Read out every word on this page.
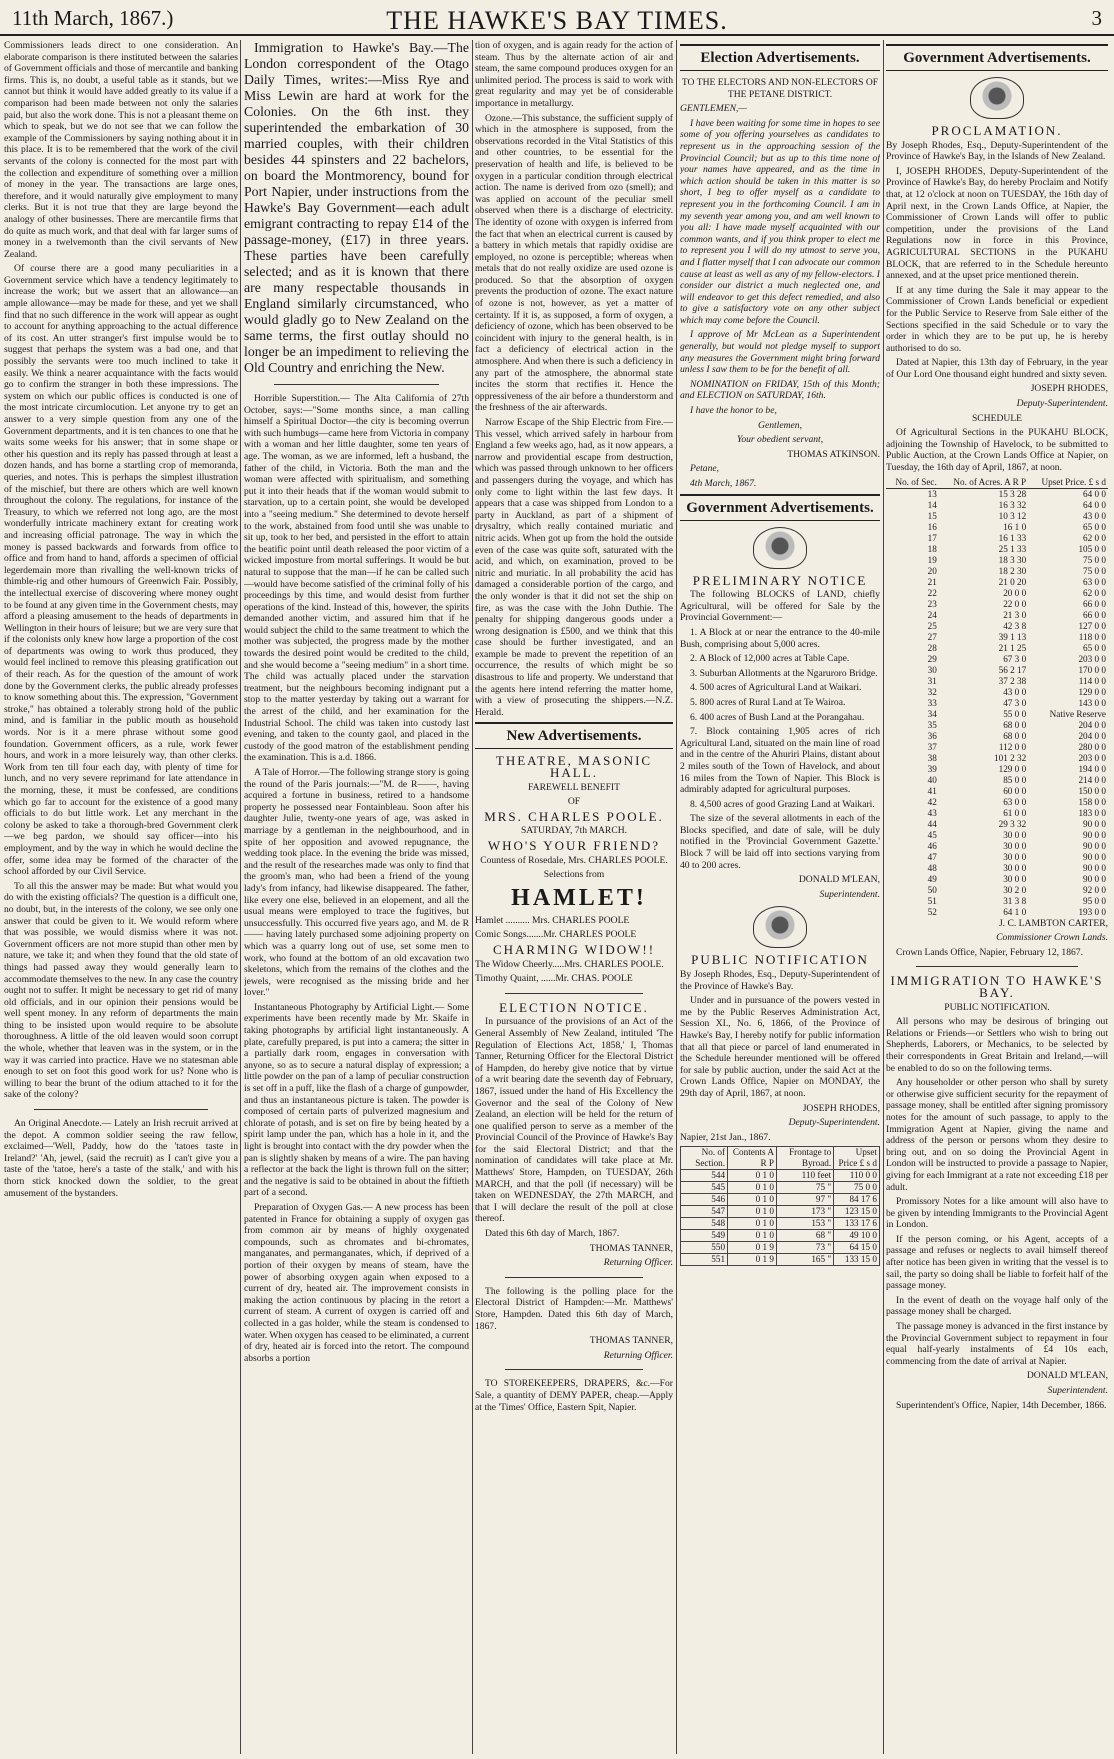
11th March, 1867.)	THE HAWKE'S BAY TIMES.	3

Commissioners leads direct to one consideration. An elaborate comparison is there instituted between the salaries of Government officials and those of mercantile and banking firms. This is, no doubt, a useful table as it stands, but we cannot but think it would have added greatly to its value if a comparison had been made between not only the salaries paid, but also the work done. This is not a pleasant theme on which to speak, but we do not see that we can follow the example of the Commissioners by saying nothing about it in this place. It is to be remembered that the work of the civil servants of the colony is connected for the most part with the collection and expenditure of something over a million of money in the year. The transactions are large ones, therefore, and it would naturally give employment to many clerks. But it is not true that they are large beyond the analogy of other businesses. There are mercantile firms that do quite as much work, and that deal with far larger sums of money in a twelvemonth than the civil servants of New Zealand.

Of course there are a good many peculiarities in a Government service which have a tendency legitimately to increase the work; but we assert that an allowance—an ample allowance—may be made for these, and yet we shall find that no such difference in the work will appear as ought to account for anything approaching to the actual difference of its cost. An utter stranger's first impulse would be to suggest that perhaps the system was a bad one, and that possibly the servants were too much inclined to take it easily. We think a nearer acquaintance with the facts would go to confirm the stranger in both these impressions. The system on which our public offices is conducted is one of the most intricate circumlocution. Let anyone try to get an answer to a very simple question from any one of the Government departments, and it is ten chances to one that he waits some weeks for his answer; that in some shape or other his question and its reply has passed through at least a dozen hands, and has borne a startling crop of memoranda, queries, and notes. This is perhaps the simplest illustration of the mischief, but there are others which are well known throughout the colony. The regulations, for instance of the Treasury, to which we referred not long ago, are the most wonderfully intricate machinery extant for creating work and increasing official patronage. The way in which the money is passed backwards and forwards from office to office and from hand to hand, affords a specimen of official legerdemain more than rivalling the well-known tricks of thimble-rig and other humours of Greenwich Fair. Possibly, the intellectual exercise of discovering where money ought to be found at any given time in the Government chests, may afford a pleasing amusement to the heads of departments in Wellington in their hours of leisure; but we are very sure that if the colonists only knew how large a proportion of the cost of departments was owing to work thus produced, they would feel inclined to remove this pleasing gratification out of their reach. As for the question of the amount of work done by the Government clerks, the public already professes to know something about this. The expression, "Government stroke," has obtained a tolerably strong hold of the public mind, and is familiar in the public mouth as household words. Nor is it a mere phrase without some good foundation. Government officers, as a rule, work fewer hours, and work in a more leisurely way, than other clerks. Work from ten till four each day, with plenty of time for lunch, and no very severe reprimand for late attendance in the morning, these, it must be confessed, are conditions which go far to account for the existence of a good many officials to do but little work. Let any merchant in the colony be asked to take a thorough-bred Government clerk—we beg pardon, we should say officer—into his employment, and by the way in which he would decline the offer, some idea may be formed of the character of the school afforded by our Civil Service.

To all this the answer may be made: But what would you do with the existing officials? The question is a difficult one, no doubt, but, in the interests of the colony, we see only one answer that could be given to it. We would reform where that was possible, we would dismiss where it was not. Government officers are not more stupid than other men by nature, we take it; and when they found that the old state of things had passed away they would generally learn to accommodate themselves to the new. In any case the country ought not to suffer. It might be necessary to get rid of many old officials, and in our opinion their pensions would be well spent money. In any reform of departments the main thing to be insisted upon would require to be absolute thoroughness. A little of the old leaven would soon corrupt the whole, whether that leaven was in the system, or in the way it was carried into practice. Have we no statesman able enough to set on foot this good work for us? None who is willing to bear the brunt of the odium attached to it for the sake of the colony?

An Original Anecdote.— Lately an Irish recruit arrived at the depot. A common soldier seeing the raw fellow, exclaimed—'Well, Paddy, how do the 'tatoes taste in Ireland?' 'Ah, jewel, (said the recruit) as I can't give you a taste of the 'tatoe, here's a taste of the stalk,' and with his thorn stick knocked down the soldier, to the great amusement of the bystanders.

Immigration to Hawke's Bay.—The London correspondent of the Otago Daily Times, writes:—Miss Rye and Miss Lewin are hard at work for the Colonies. On the 6th inst. they superintended the embarkation of 30 married couples, with their children besides 44 spinsters and 22 bachelors, on board the Montmorency, bound for Port Napier, under instructions from the Hawke's Bay Government—each adult emigrant contracting to repay £14 of the passage-money, (£17) in three years. These parties have been carefully selected; and as it is known that there are many respectable thousands in England similarly circumstanced, who would gladly go to New Zealand on the same terms, the first outlay should no longer be an impediment to relieving the Old Country and enriching the New.

Horrible Superstition.— The Alta California of 27th October, says:—"Some months since, a man calling himself a Spiritual Doctor—the city is becoming overrun with such humbugs—came here from Victoria in company with a woman and her little daughter, some ten years of age. The woman, as we are informed, left a husband, the father of the child, in Victoria. Both the man and the woman were affected with spiritualism, and something put it into their heads that if the woman would submit to starvation, up to a certain point, she would be developed into a "seeing medium." She determined to devote herself to the work, abstained from food until she was unable to sit up, took to her bed, and persisted in the effort to attain the beatific point until death released the poor victim of a wicked imposture from mortal sufferings. It would be but natural to suppose that the man—if he can be called such—would have become satisfied of the criminal folly of his proceedings by this time, and would desist from further operations of the kind. Instead of this, however, the spirits demanded another victim, and assured him that if he would subject the child to the same treatment to which the mother was subjected, the progress made by the mother towards the desired point would be credited to the child, and she would become a "seeing medium" in a short time. The child was actually placed under the starvation treatment, but the neighbours becoming indignant put a stop to the matter yesterday by taking out a warrant for the arrest of the child, and her examination for the Industrial School. The child was taken into custody last evening, and taken to the county gaol, and placed in the custody of the good matron of the establishment pending the examination. This is a.d. 1866.

A Tale of Horror.—The following strange story is going the round of the Paris journals:—"M. de R——, having acquired a fortune in business, retired to a handsome property he possessed near Fontainbleau. Soon after his daughter Julie, twenty-one years of age, was asked in marriage by a gentleman in the neighbourhood, and in spite of her opposition and avowed repugnance, the wedding took place. In the evening the bride was missed, and the result of the researches made was only to find that the groom's man, who had been a friend of the young lady's from infancy, had likewise disappeared. The father, like every one else, believed in an elopement, and all the usual means were employed to trace the fugitives, but unsuccessfully. This occurred five years ago, and M. de R—— having lately purchased some adjoining property on which was a quarry long out of use, set some men to work, who found at the bottom of an old excavation two skeletons, which from the remains of the clothes and the jewels, were recognised as the missing bride and her lover."

Instantaneous Photography by Artificial Light.— Some experiments have been recently made by Mr. Skaife in taking photographs by artificial light instantaneously. A plate, carefully prepared, is put into a camera; the sitter in a partially dark room, engages in conversation with anyone, so as to secure a natural display of expression; a little powder on the pan of a lamp of peculiar construction is set off in a puff, like the flash of a charge of gunpowder, and thus an instantaneous picture is taken. The powder is composed of certain parts of pulverized magnesium and chlorate of potash, and is set on fire by being heated by a spirit lamp under the pan, which has a hole in it, and the light is brought into contact with the dry powder when the pan is slightly shaken by means of a wire. The pan having a reflector at the back the light is thrown full on the sitter; and the negative is said to be obtained in about the fiftieth part of a second.

Preparation of Oxygen Gas.— A new process has been patented in France for obtaining a supply of oxygen gas from common air by means of highly oxygenated compounds, such as chromates and bi-chromates, manganates, and permanganates, which, if deprived of a portion of their oxygen by means of steam, have the power of absorbing oxygen again when exposed to a current of dry, heated air. The improvement consists in making the action continuous by placing in the retort a current of steam. A current of oxygen is carried off and collected in a gas holder, while the steam is condensed to water. When oxygen has ceased to be eliminated, a current of dry, heated air is forced into the retort. The compound absorbs a portion

tion of oxygen, and is again ready for the action of steam. Thus by the alternate action of air and steam, the same compound produces oxygen for an unlimited period. The process is said to work with great regularity and may yet be of considerable importance in metallurgy.

Ozone.—This substance, the sufficient supply of which in the atmosphere is supposed, from the observations recorded in the Vital Statistics of this and other countries, to be essential for the preservation of health and life, is believed to be oxygen in a particular condition through electrical action. The name is derived from ozo (smell); and was applied on account of the peculiar smell observed when there is a discharge of electricity. The identity of ozone with oxygen is inferred from the fact that when an electrical current is caused by a battery in which metals that rapidly oxidise are employed, no ozone is perceptible; whereas when metals that do not really oxidize are used ozone is produced. So that the absorption of oxygen prevents the production of ozone. The exact nature of ozone is not, however, as yet a matter of certainty. If it is, as supposed, a form of oxygen, a deficiency of ozone, which has been observed to be coincident with injury to the general health, is in fact a deficiency of electrical action in the atmosphere. And when there is such a deficiency in any part of the atmosphere, the abnormal state incites the storm that rectifies it. Hence the oppressiveness of the air before a thunderstorm and the freshness of the air afterwards.

Narrow Escape of the Ship Electric from Fire.—This vessel, which arrived safely in harbour from England a few weeks ago, had, as it now appears, a narrow and providential escape from destruction, which was passed through unknown to her officers and passengers during the voyage, and which has only come to light within the last few days. It appears that a case was shipped from London to a party in Auckland, as part of a shipment of drysaltry, which really contained muriatic and nitric acids. When got up from the hold the outside even of the case was quite soft, saturated with the acid, and which, on examination, proved to be nitric and muriatic. In all probability the acid has damaged a considerable portion of the cargo, and the only wonder is that it did not set the ship on fire, as was the case with the John Duthie. The penalty for shipping dangerous goods under a wrong designation is £500, and we think that this case should be further investigated, and an example be made to prevent the repetition of an occurrence, the results of which might be so disastrous to life and property. We understand that the agents here intend referring the matter home, with a view of prosecuting the shippers.—N.Z. Herald.

New Advertisements.

THEATRE, MASONIC HALL.

FAREWELL BENEFIT

OF

MRS. CHARLES POOLE.

SATURDAY, 7th MARCH.

WHO'S YOUR FRIEND?

Countess of Rosedale, Mrs. CHARLES POOLE.

Selections from

HAMLET!

Hamlet .......... Mrs. CHARLES POOLE

Comic Songs.......Mr. CHARLES POOLE

CHARMING WIDOW!!

The Widow Cheerly.....Mrs. CHARLES POOLE.

Timothy Quaint, ......Mr. CHAS. POOLE

ELECTION NOTICE.

In pursuance of the provisions of an Act of the General Assembly of New Zealand, intituled 'The Regulation of Elections Act, 1858,' I, Thomas Tanner, Returning Officer for the Electoral District of Hampden, do hereby give notice that by virtue of a writ bearing date the seventh day of February, 1867, issued under the hand of His Excellency the Governor and the seal of the Colony of New Zealand, an election will be held for the return of one qualified person to serve as a member of the Provincial Council of the Province of Hawke's Bay for the said Electoral District; and that the nomination of candidates will take place at Mr. Matthews' Store, Hampden, on TUESDAY, 26th MARCH, and that the poll (if necessary) will be taken on WEDNESDAY, the 27th MARCH, and that I will declare the result of the poll at close thereof.

Dated this 6th day of March, 1867.

THOMAS TANNER,

Returning Officer.

The following is the polling place for the Electoral District of Hampden:—Mr. Matthews' Store, Hampden. Dated this 6th day of March, 1867.

THOMAS TANNER,

Returning Officer.

TO STOREKEEPERS, DRAPERS, &c.—For Sale, a quantity of DEMY PAPER, cheap.—Apply at the 'Times' Office, Eastern Spit, Napier.

Election Advertisements.

TO THE ELECTORS AND NON-ELECTORS OF THE PETANE DISTRICT.

GENTLEMEN,—

I have been waiting for some time in hopes to see some of you offering yourselves as candidates to represent us in the approaching session of the Provincial Council; but as up to this time none of your names have appeared, and as the time in which action should be taken in this matter is so short, I beg to offer myself as a candidate to represent you in the forthcoming Council. I am in my seventh year among you, and am well known to you all: I have made myself acquainted with our common wants, and if you think proper to elect me to represent you I will do my utmost to serve you, and I flatter myself that I can advocate our common cause at least as well as any of my fellow-electors. I consider our district a much neglected one, and will endeavor to get this defect remedied, and also to give a satisfactory vote on any other subject which may come before the Council.

I approve of Mr McLean as a Superintendent generally, but would not pledge myself to support any measures the Government might bring forward unless I saw them to be for the benefit of all.

NOMINATION on FRIDAY, 15th of this Month; and ELECTION on SATURDAY, 16th.

I have the honor to be,

Gentlemen,

Your obedient servant,

THOMAS ATKINSON.

Petane,

4th March, 1867.

Government Advertisements.

PRELIMINARY NOTICE

The following BLOCKS of LAND, chiefly Agricultural, will be offered for Sale by the Provincial Government:—

1. A Block at or near the entrance to the 40-mile Bush, comprising about 5,000 acres.

2. A Block of 12,000 acres at Table Cape.

3. Suburban Allotments at the Ngaruroro Bridge.

4. 500 acres of Agricultural Land at Waikari.

5. 800 acres of Rural Land at Te Wairoa.

6. 400 acres of Bush Land at the Porangahau.

7. Block containing 1,905 acres of rich Agricultural Land, situated on the main line of road and in the centre of the Ahuriri Plains, distant about 2 miles south of the Town of Havelock, and about 16 miles from the Town of Napier. This Block is admirably adapted for agricultural purposes.

8. 4,500 acres of good Grazing Land at Waikari.

The size of the several allotments in each of the Blocks specified, and date of sale, will be duly notified in the 'Provincial Government Gazette.' Block 7 will be laid off into sections varying from 40 to 200 acres.

DONALD M'LEAN,

Superintendent.

PUBLIC NOTIFICATION

By Joseph Rhodes, Esq., Deputy-Superintendent of the Province of Hawke's Bay.

Under and in pursuance of the powers vested in me by the Public Reserves Administration Act, Session XI., No. 6, 1866, of the Province of Hawke's Bay, I hereby notify for public information that all that piece or parcel of land enumerated in the Schedule hereunder mentioned will be offered for sale by public auction, under the said Act at the Crown Lands Office, Napier on MONDAY, the 29th day of April, 1867, at noon.

JOSEPH RHODES,

Deputy-Superintendent.

Napier, 21st Jan., 1867.

No. of Section.	Contents A R P	Frontage to Byroad.	Upset Price £ s d
544	0 1 0	110 feet	110 0 0
545	0 1 0	75 "	75 0 0
546	0 1 0	97 "	84 17 6
547	0 1 0	173 "	123 15 0
548	0 1 0	153 "	133 17 6
549	0 1 0	68 "	49 10 0
550	0 1 9	73 "	64 15 0
551	0 1 9	165 "	133 15 0
Government Advertisements.

PROCLAMATION.

By Joseph Rhodes, Esq., Deputy-Superintendent of the Province of Hawke's Bay, in the Islands of New Zealand.

I, JOSEPH RHODES, Deputy-Superintendent of the Province of Hawke's Bay, do hereby Proclaim and Notify that, at 12 o'clock at noon on TUESDAY, the 16th day of April next, in the Crown Lands Office, at Napier, the Commissioner of Crown Lands will offer to public competition, under the provisions of the Land Regulations now in force in this Province, AGRICULTURAL SECTIONS in the PUKAHU BLOCK, that are referred to in the Schedule hereunto annexed, and at the upset price mentioned therein.

If at any time during the Sale it may appear to the Commissioner of Crown Lands beneficial or expedient for the Public Service to Reserve from Sale either of the Sections specified in the said Schedule or to vary the order in which they are to be put up, he is hereby authorised to do so.

Dated at Napier, this 13th day of February, in the year of Our Lord One thousand eight hundred and sixty seven.

JOSEPH RHODES,

Deputy-Superintendent.

SCHEDULE

Of Agricultural Sections in the PUKAHU BLOCK, adjoining the Township of Havelock, to be submitted to Public Auction, at the Crown Lands Office at Napier, on Tuesday, the 16th day of April, 1867, at noon.

No. of Sec.	No. of Acres. A R P	Upset Price. £ s d
13	15 3 28	64 0 0
14	16 3 32	64 0 0
15	10 3 12	43 0 0
16	16 1 0	65 0 0
17	16 1 33	62 0 0
18	25 1 33	105 0 0
19	18 3 30	75 0 0
20	18 2 30	75 0 0
21	21 0 20	63 0 0
22	20 0 0	62 0 0
23	22 0 0	66 0 0
24	21 3 0	66 0 0
25	42 3 8	127 0 0
27	39 1 13	118 0 0
28	21 1 25	65 0 0
29	67 3 0	203 0 0
30	56 2 17	170 0 0
31	37 2 38	114 0 0
32	43 0 0	129 0 0
33	47 3 0	143 0 0
34	55 0 0	Native Reserve
35	68 0 0	204 0 0
36	68 0 0	204 0 0
37	112 0 0	280 0 0
38	101 2 32	203 0 0
39	129 0 0	194 0 0
40	85 0 0	214 0 0
41	60 0 0	150 0 0
42	63 0 0	158 0 0
43	61 0 0	183 0 0
44	29 3 32	90 0 0
45	30 0 0	90 0 0
46	30 0 0	90 0 0
47	30 0 0	90 0 0
48	30 0 0	90 0 0
49	30 0 0	90 0 0
50	30 2 0	92 0 0
51	31 3 8	95 0 0
52	64 1 0	193 0 0

J. C. LAMBTON CARTER,

Commissioner Crown Lands.

Crown Lands Office, Napier, February 12, 1867.

IMMIGRATION TO HAWKE'S BAY.

PUBLIC NOTIFICATION.

All persons who may be desirous of bringing out Relations or Friends—or Settlers who wish to bring out Shepherds, Laborers, or Mechanics, to be selected by their correspondents in Great Britain and Ireland,—will be enabled to do so on the following terms.

Any householder or other person who shall by surety or otherwise give sufficient security for the repayment of passage money, shall be entitled after signing promissory notes for the amount of such passage, to apply to the Immigration Agent at Napier, giving the name and address of the person or persons whom they desire to bring out, and on so doing the Provincial Agent in London will be instructed to provide a passage to Napier, giving for each Immigrant at a rate not exceeding £18 per adult.

Promissory Notes for a like amount will also have to be given by intending Immigrants to the Provincial Agent in London.

If the person coming, or his Agent, accepts of a passage and refuses or neglects to avail himself thereof after notice has been given in writing that the vessel is to sail, the party so doing shall be liable to forfeit half of the passage money.

In the event of death on the voyage half only of the passage money shall be charged.

The passage money is advanced in the first instance by the Provincial Government subject to repayment in four equal half-yearly instalments of £4 10s each, commencing from the date of arrival at Napier.

DONALD M'LEAN,

Superintendent.

Superintendent's Office, Napier, 14th December, 1866.
